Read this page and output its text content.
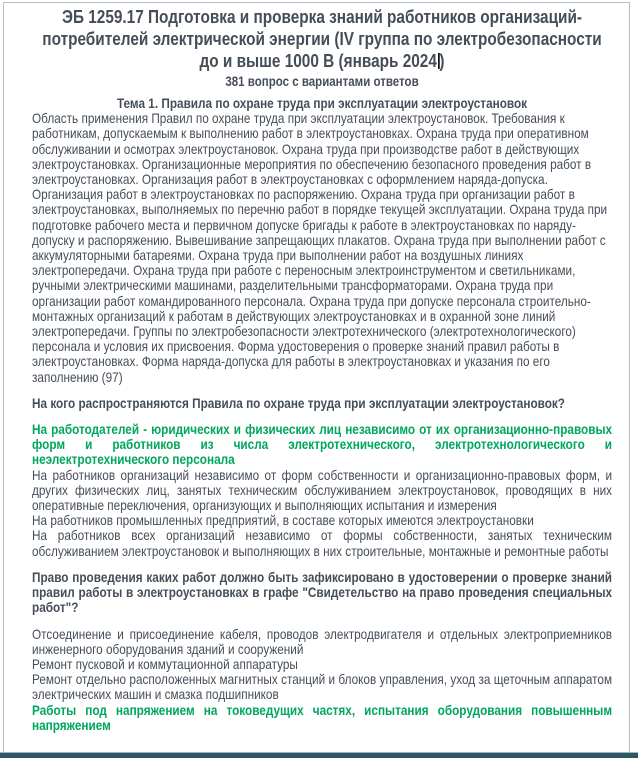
ЭБ 1259.17 Подготовка и проверка знаний работников организаций-потребителей электрической энергии (IV группа по электробезопасности до и выше 1000 В (январь 2024 )
381 вопрос с вариантами ответов
Тема 1. Правила по охране труда при эксплуатации электроустановок
Область применения Правил по охране труда при эксплуатации электроустановок. Требования к работникам, допускаемым к выполнению работ в электроустановках. Охрана труда при оперативном обслуживании и осмотрах электроустановок. Охрана труда при производстве работ в действующих электроустановках. Организационные мероприятия по обеспечению безопасного проведения работ в электроустановках. Организация работ в электроустановках с оформлением наряда-допуска. Организация работ в электроустановках по распоряжению. Охрана труда при организации работ в электроустановках, выполняемых по перечню работ в порядке текущей эксплуатации. Охрана труда при подготовке рабочего места и первичном допуске бригады к работе в электроустановках по наряду-допуску и распоряжению. Вывешивание запрещающих плакатов. Охрана труда при выполнении работ с аккумуляторными батареями. Охрана труда при выполнении работ на воздушных линиях электропередачи. Охрана труда при работе с переносным электроинструментом и светильниками, ручными электрическими машинами, разделительными трансформаторами. Охрана труда при организации работ командированного персонала. Охрана труда при допуске персонала строительно-монтажных организаций к работам в действующих электроустановках и в охранной зоне линий электропередачи. Группы по электробезопасности электротехнического (электротехнологического) персонала и условия их присвоения. Форма удостоверения о проверке знаний правил работы в электроустановках. Форма наряда-допуска для работы в электроустановках и указания по его заполнению (97)
На кого распространяются Правила по охране труда при эксплуатации электроустановок?
На работодателей - юридических и физических лиц независимо от их организационно-правовых форм и работников из числа электротехнического, электротехнологического и неэлектротехнического персонала
На работников организаций независимо от форм собственности и организационно-правовых форм, и других физических лиц, занятых техническим обслуживанием электроустановок, проводящих в них оперативные переключения, организующих и выполняющих испытания и измерения
На работников промышленных предприятий, в составе которых имеются электроустановки
На работников всех организаций независимо от формы собственности, занятых техническим обслуживанием электроустановок и выполняющих в них строительные, монтажные и ремонтные работы
Право проведения каких работ должно быть зафиксировано в удостоверении о проверке знаний правил работы в электроустановках в графе "Свидетельство на право проведения специальных работ"?
Отсоединение и присоединение кабеля, проводов электродвигателя и отдельных электроприемников инженерного оборудования зданий и сооружений
Ремонт пусковой и коммутационной аппаратуры
Ремонт отдельно расположенных магнитных станций и блоков управления, уход за щеточным аппаратом электрических машин и смазка подшипников
Работы под напряжением на токоведущих частях, испытания оборудования повышенным напряжением
